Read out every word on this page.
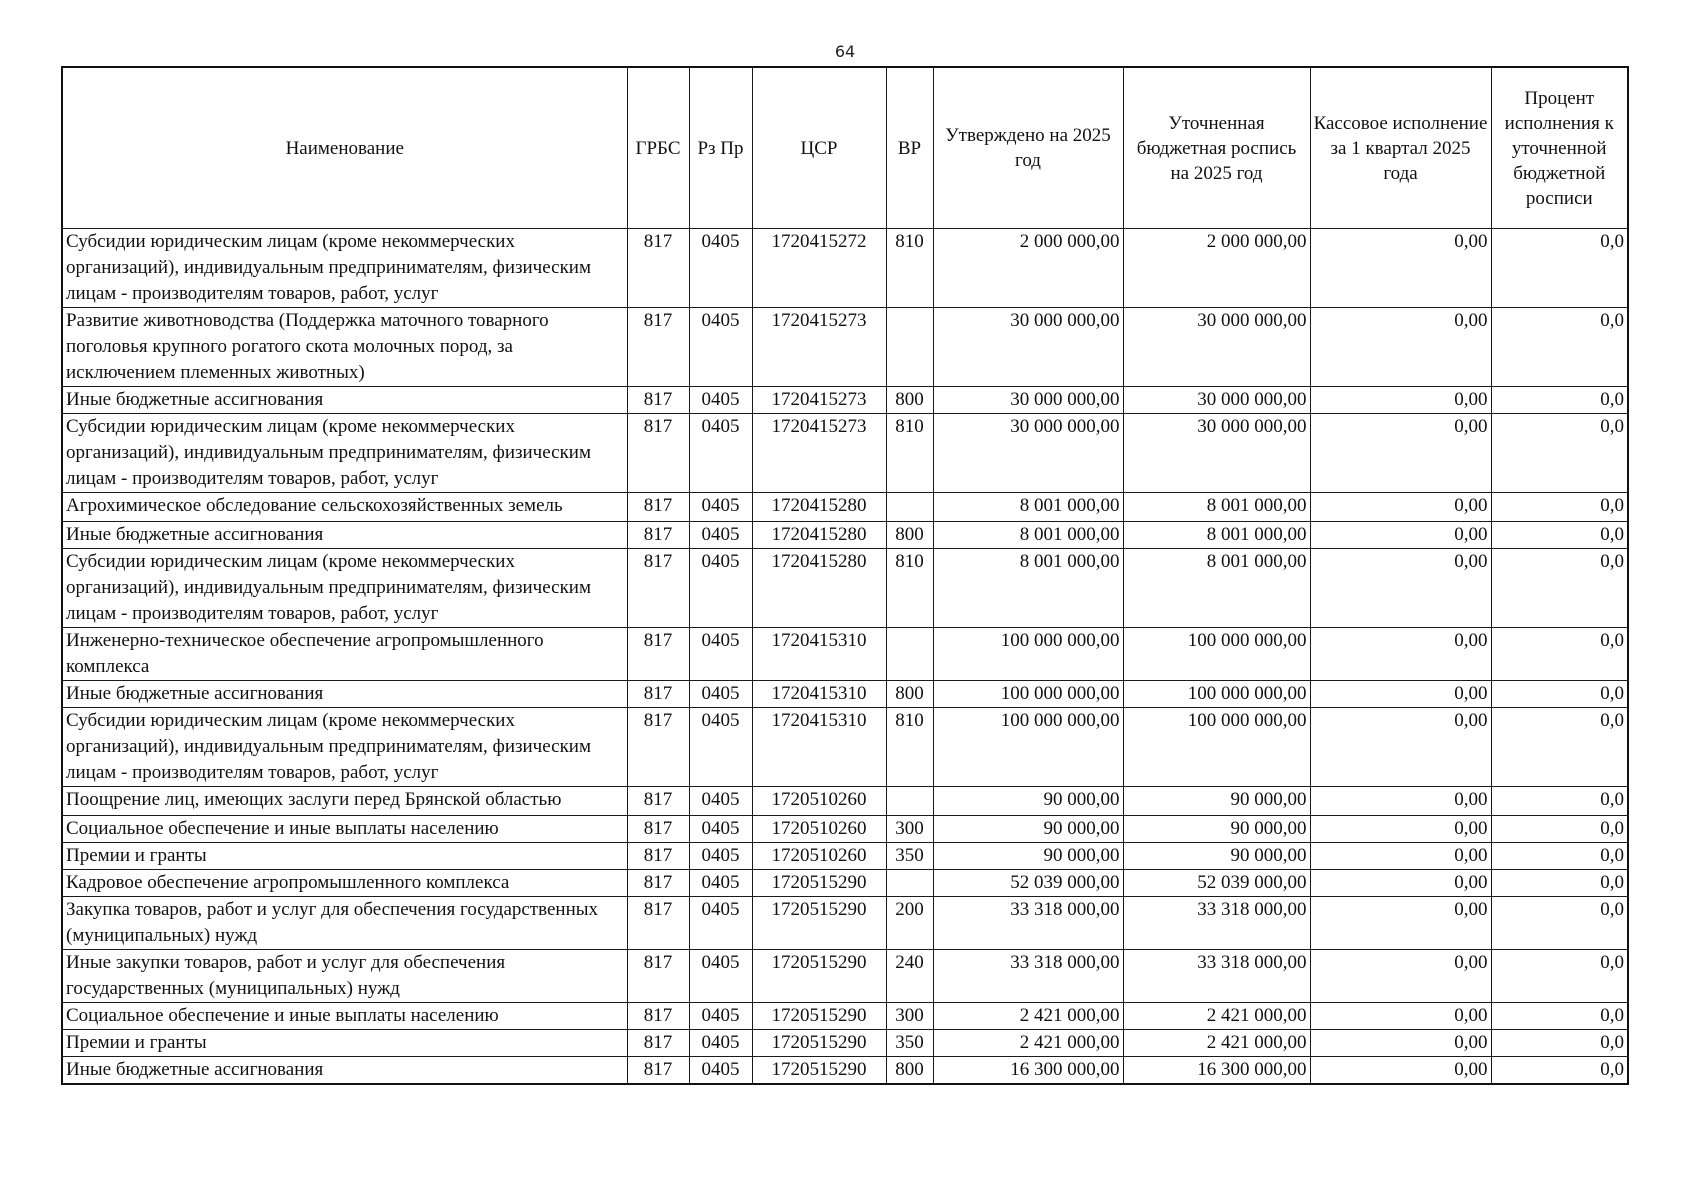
64
Наименование	ГРБС	Рз Пр	ЦСР	ВР	Утверждено на 2025 год	Уточненная бюджетная роспись на 2025 год	Кассовое исполнение за 1 квартал 2025 года	Процент исполнения к уточненной бюджетной росписи
Субсидии юридическим лицам (кроме некоммерческих организаций), индивидуальным предпринимателям, физическим лицам - производителям товаров, работ, услуг	817	0405	1720415272	810	2 000 000,00	2 000 000,00	0,00	0,0
Развитие животноводства (Поддержка маточного товарного поголовья крупного рогатого скота молочных пород, за исключением племенных животных)	817	0405	1720415273		30 000 000,00	30 000 000,00	0,00	0,0
Иные бюджетные ассигнования	817	0405	1720415273	800	30 000 000,00	30 000 000,00	0,00	0,0
Субсидии юридическим лицам (кроме некоммерческих организаций), индивидуальным предпринимателям, физическим лицам - производителям товаров, работ, услуг	817	0405	1720415273	810	30 000 000,00	30 000 000,00	0,00	0,0
Агрохимическое обследование сельскохозяйственных земель	817	0405	1720415280		8 001 000,00	8 001 000,00	0,00	0,0
Иные бюджетные ассигнования	817	0405	1720415280	800	8 001 000,00	8 001 000,00	0,00	0,0
Субсидии юридическим лицам (кроме некоммерческих организаций), индивидуальным предпринимателям, физическим лицам - производителям товаров, работ, услуг	817	0405	1720415280	810	8 001 000,00	8 001 000,00	0,00	0,0
Инженерно-техническое обеспечение агропромышленного комплекса	817	0405	1720415310		100 000 000,00	100 000 000,00	0,00	0,0
Иные бюджетные ассигнования	817	0405	1720415310	800	100 000 000,00	100 000 000,00	0,00	0,0
Субсидии юридическим лицам (кроме некоммерческих организаций), индивидуальным предпринимателям, физическим лицам - производителям товаров, работ, услуг	817	0405	1720415310	810	100 000 000,00	100 000 000,00	0,00	0,0
Поощрение лиц, имеющих заслуги перед Брянской областью	817	0405	1720510260		90 000,00	90 000,00	0,00	0,0
Социальное обеспечение и иные выплаты населению	817	0405	1720510260	300	90 000,00	90 000,00	0,00	0,0
Премии и гранты	817	0405	1720510260	350	90 000,00	90 000,00	0,00	0,0
Кадровое обеспечение агропромышленного комплекса	817	0405	1720515290		52 039 000,00	52 039 000,00	0,00	0,0
Закупка товаров, работ и услуг для обеспечения государственных (муниципальных) нужд	817	0405	1720515290	200	33 318 000,00	33 318 000,00	0,00	0,0
Иные закупки товаров, работ и услуг для обеспечения государственных (муниципальных) нужд	817	0405	1720515290	240	33 318 000,00	33 318 000,00	0,00	0,0
Социальное обеспечение и иные выплаты населению	817	0405	1720515290	300	2 421 000,00	2 421 000,00	0,00	0,0
Премии и гранты	817	0405	1720515290	350	2 421 000,00	2 421 000,00	0,00	0,0
Иные бюджетные ассигнования	817	0405	1720515290	800	16 300 000,00	16 300 000,00	0,00	0,0
